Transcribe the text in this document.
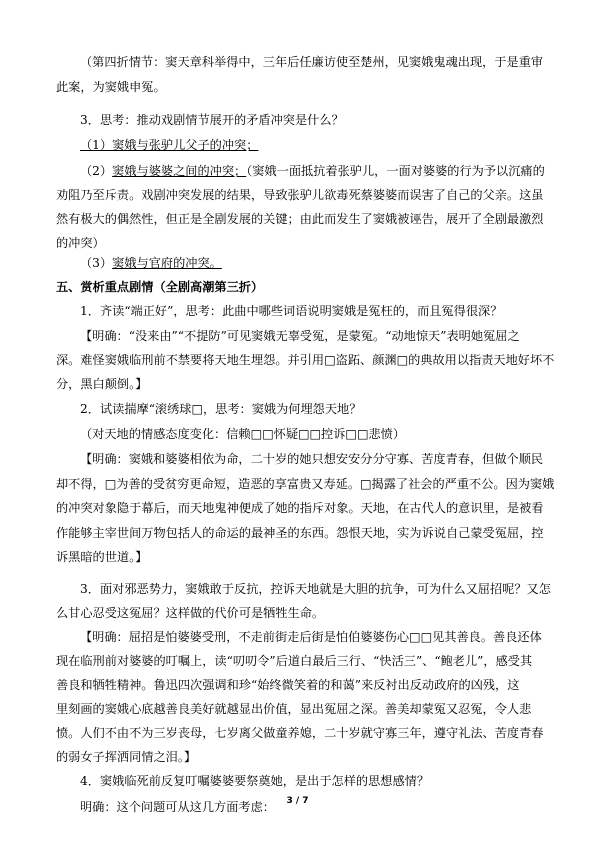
（第四折情节：窦天章科举得中，三年后任廉访使至楚州，见窦娥鬼魂出现，于是重审
此案，为窦娥申冤。
3．思考：推动戏剧情节展开的矛盾冲突是什么？
（1）窦娥与张驴儿父子的冲突；
（2）窦娥与婆婆之间的冲突；（窦娥一面抵抗着张驴儿，一面对婆婆的行为予以沉痛的
劝阻乃至斥责。戏剧冲突发展的结果，导致张驴儿欲毒死蔡婆婆而误害了自己的父亲。这虽
然有极大的偶然性，但正是全剧发展的关键；由此而发生了窦娥被诬告，展开了全剧最激烈
的冲突）
（3）窦娥与官府的冲突。
五、赏析重点剧情（全剧高潮第三折）
1．齐读“端正好”，思考：此曲中哪些词语说明窦娥是冤枉的，而且冤得很深？
【明确：“没来由”“不提防”可见窦娥无辜受冤，是蒙冤。“动地惊天”表明她冤屈之
深。难怪窦娥临刑前不禁要将天地生埋怨。并引用□盗跖、颜渊□的典故用以指责天地好坏不
分，黑白颠倒。】
2．试读揣摩“滚绣球□，思考：窦娥为何埋怨天地？
（对天地的情感态度变化：信赖□□怀疑□□控诉□□悲愤）
【明确：窦娥和婆婆相依为命，二十岁的她只想安安分分守寡、苦度青春，但做个顺民
却不得，□为善的受贫穷更命短，造恶的享富贵又寿延。□揭露了社会的严重不公。因为窦娥
的冲突对象隐于幕后，而天地鬼神便成了她的指斥对象。天地，在古代人的意识里，是被看
作能够主宰世间万物包括人的命运的最神圣的东西。怨恨天地，实为诉说自己蒙受冤屈，控
诉黑暗的世道。】
3．面对邪恶势力，窦娥敢于反抗，控诉天地就是大胆的抗争，可为什么又屈招呢？又怎
么甘心忍受这冤屈？这样做的代价可是牺牲生命。
【明确：屈招是怕婆婆受刑，不走前街走后街是怕伯婆婆伤心□□见其善良。善良还体
现在临刑前对婆婆的叮嘱上，读“叨叨令”后道白最后三行、“快活三”、“鲍老儿”，感受其
善良和牺牲精神。鲁迅四次强调和珍“始终微笑着的和蔼”来反衬出反动政府的凶残，这
里刻画的窦娥心底越善良美好就越显出价值，显出冤屈之深。善美却蒙冤又忍冤，令人悲
愤。人们不由不为三岁丧母，七岁离父做童养媳，二十岁就守寡三年，遵守礼法、苦度青春
的弱女子挥洒同情之泪。】
4．窦娥临死前反复叮嘱婆婆要祭奠她，是出于怎样的思想感情？
明确：这个问题可从这几方面考虑：	3 / 7
